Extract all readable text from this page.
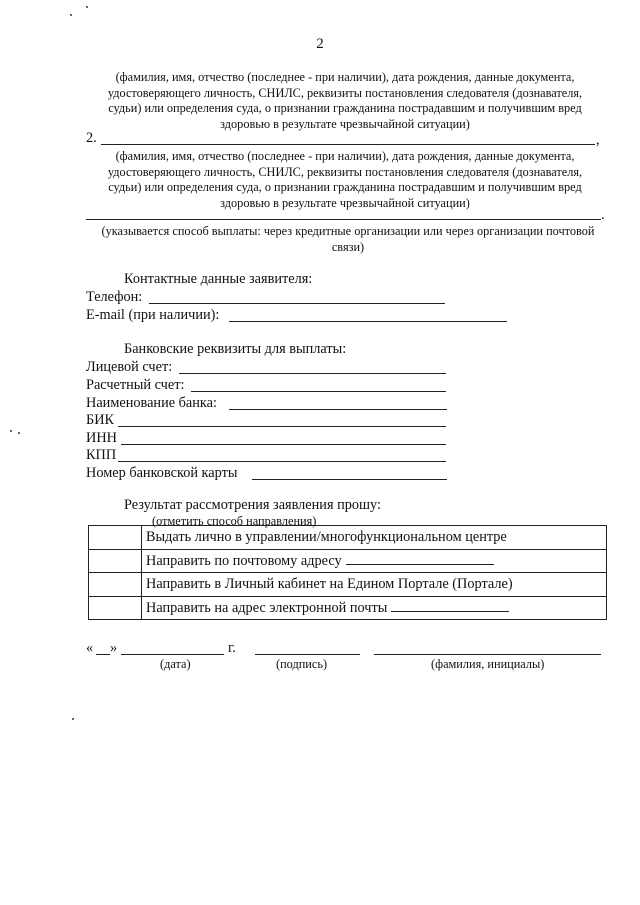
2
(фамилия, имя, отчество (последнее - при наличии), дата рождения, данные документа,
удостоверяющего личность, СНИЛС, реквизиты постановления следователя (дознавателя,
судьи) или определения суда, о признании гражданина пострадавшим и получившим вред
здоровью в результате чрезвычайной ситуации)
2.	,
(фамилия, имя, отчество (последнее - при наличии), дата рождения, данные документа,
удостоверяющего личность, СНИЛС, реквизиты постановления следователя (дознавателя,
судьи) или определения суда, о признании гражданина пострадавшим и получившим вред
здоровью в результате чрезвычайной ситуации)
.
(указывается способ выплаты: через кредитные организации или через организации почтовой
связи)
Контактные данные заявителя:
Телефон:
E-mail (при наличии):
Банковские реквизиты для выплаты:
Лицевой счет:
Расчетный счет:
Наименование банка:
БИК
ИНН
КПП
Номер банковской карты
Результат рассмотрения заявления прошу:
(отметить способ направления)
	Выдать лично в управлении/многофункциональном центре
	Направить по почтовому адресу
	Направить в Личный кабинет на Едином Портале (Портале)
	Направить на адрес электронной почты
« »	г.
(дата)	(подпись)	(фамилия, инициалы)
